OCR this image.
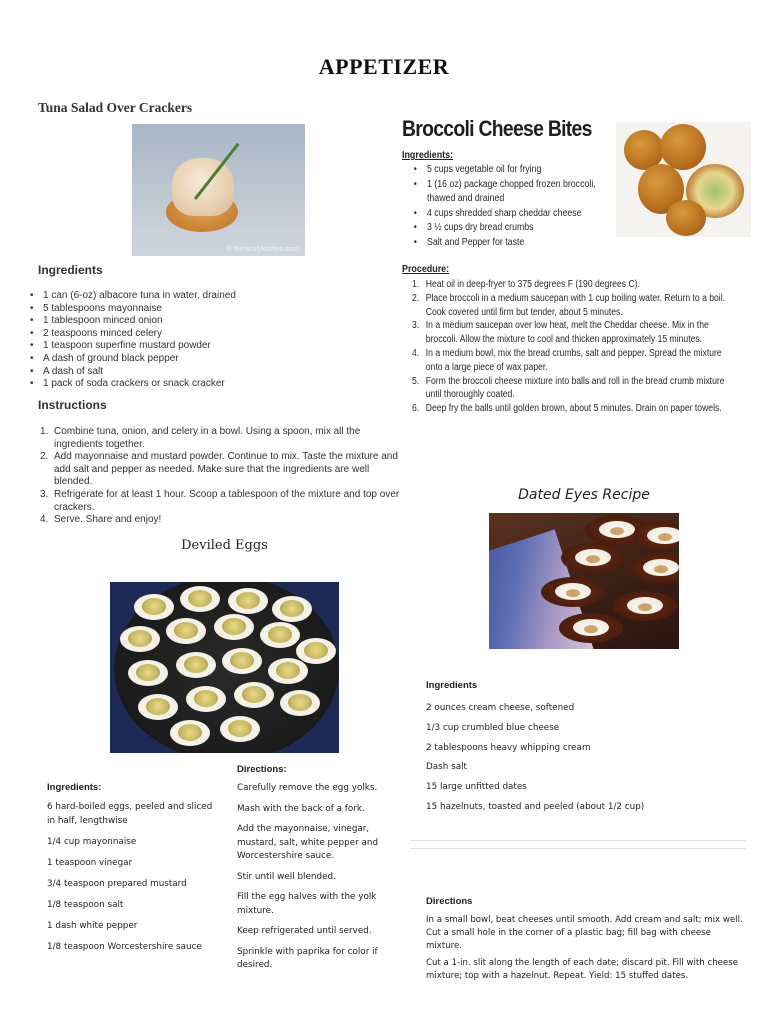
APPETIZER
Tuna Salad Over Crackers
© thefamilykitchen.com
Ingredients
• 1 can (6-oz) albacore tuna in water, drained
• 5 tablespoons mayonnaise
• 1 tablespoon minced onion
• 2 teaspoons minced celery
• 1 teaspoon superfine mustard powder
• A dash of ground black pepper
• A dash of salt
• 1 pack of soda crackers or snack cracker
Instructions
1. Combine tuna, onion, and celery in a bowl. Using a spoon, mix all the ingredients together.
2. Add mayonnaise and mustard powder. Continue to mix. Taste the mixture and add salt and pepper as needed. Make sure that the ingredients are well blended.
3. Refrigerate for at least 1 hour. Scoop a tablespoon of the mixture and top over crackers.
4. Serve. Share and enjoy!
Broccoli Cheese Bites
Ingredients:
• 5 cups vegetable oil for frying
• 1 (16 oz) package chopped frozen broccoli, thawed and drained
• 4 cups shredded sharp cheddar cheese
• 3 ½ cups dry bread crumbs
• Salt and Pepper for taste
Procedure:
1. Heat oil in deep-fryer to 375 degrees F (190 degrees C).
2. Place broccoli in a medium saucepan with 1 cup boiling water. Return to a boil. Cook covered until firm but tender, about 5 minutes.
3. In a medium saucepan over low heat, melt the Cheddar cheese. Mix in the broccoli. Allow the mixture to cool and thicken approximately 15 minutes.
4. In a medium bowl, mix the bread crumbs, salt and pepper. Spread the mixture onto a large piece of wax paper.
5. Form the broccoli cheese mixture into balls and roll in the bread crumb mixture until thoroughly coated.
6. Deep fry the balls until golden brown, about 5 minutes. Drain on paper towels.
Dated Eyes Recipe
Ingredients
2 ounces cream cheese, softened
1/3 cup crumbled blue cheese
2 tablespoons heavy whipping cream
Dash salt
15 large unfitted dates
15 hazelnuts, toasted and peeled (about 1/2 cup)
Directions

In a small bowl, beat cheeses until smooth. Add cream and salt; mix well. Cut a small hole in the corner of a plastic bag; fill bag with cheese mixture.

Cut a 1-in. slit along the length of each date; discard pit. Fill with cheese mixture; top with a hazelnut. Repeat. Yield: 15 stuffed dates.

Deviled Eggs
Ingredients:
6 hard-boiled eggs, peeled and sliced in half, lengthwise
1/4 cup mayonnaise
1 teaspoon vinegar
3/4 teaspoon prepared mustard
1/8 teaspoon salt
1 dash white pepper
1/8 teaspoon Worcestershire sauce
Directions:
Carefully remove the egg yolks.
Mash with the back of a fork.
Add the mayonnaise, vinegar, mustard, salt, white pepper and Worcestershire sauce.
Stir until well blended.
Fill the egg halves with the yolk mixture.
Keep refrigerated until served.
Sprinkle with paprika for color if desired.
